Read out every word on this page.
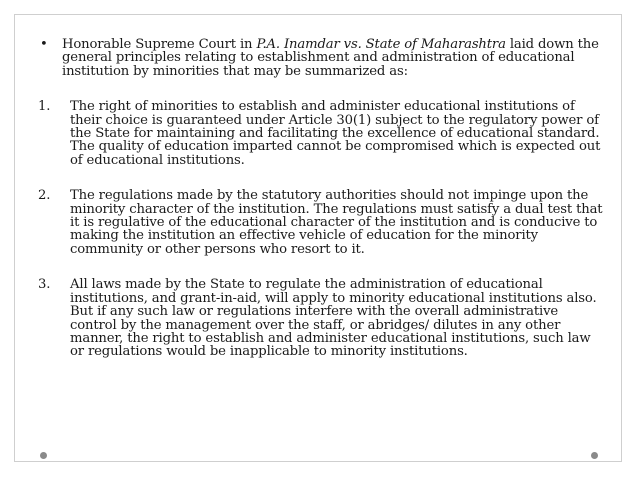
•	Honorable Supreme Court in P.A. Inamdar vs. State of Maharashtra laid down the general principles relating to establishment and administration of educational institution by minorities that may be summarized as:
1.	The right of minorities to establish and administer educational institutions of their choice is guaranteed under Article 30(1) subject to the regulatory power of the State for maintaining and facilitating the excellence of educational standard. The quality of education imparted cannot be compromised which is expected out of educational institutions.
2.	The regulations made by the statutory authorities should not impinge upon the minority character of the institution. The regulations must satisfy a dual test that it is regulative of the educational character of the institution and is conducive to making the institution an effective vehicle of education for the minority community or other persons who resort to it.
3.	All laws made by the State to regulate the administration of educational institutions, and grant-in-aid, will apply to minority educational institutions also. But if any such law or regulations interfere with the overall administrative control by the management over the staff, or abridges/ dilutes in any other manner, the right to establish and administer educational institutions, such law or regulations would be inapplicable to minority institutions.
